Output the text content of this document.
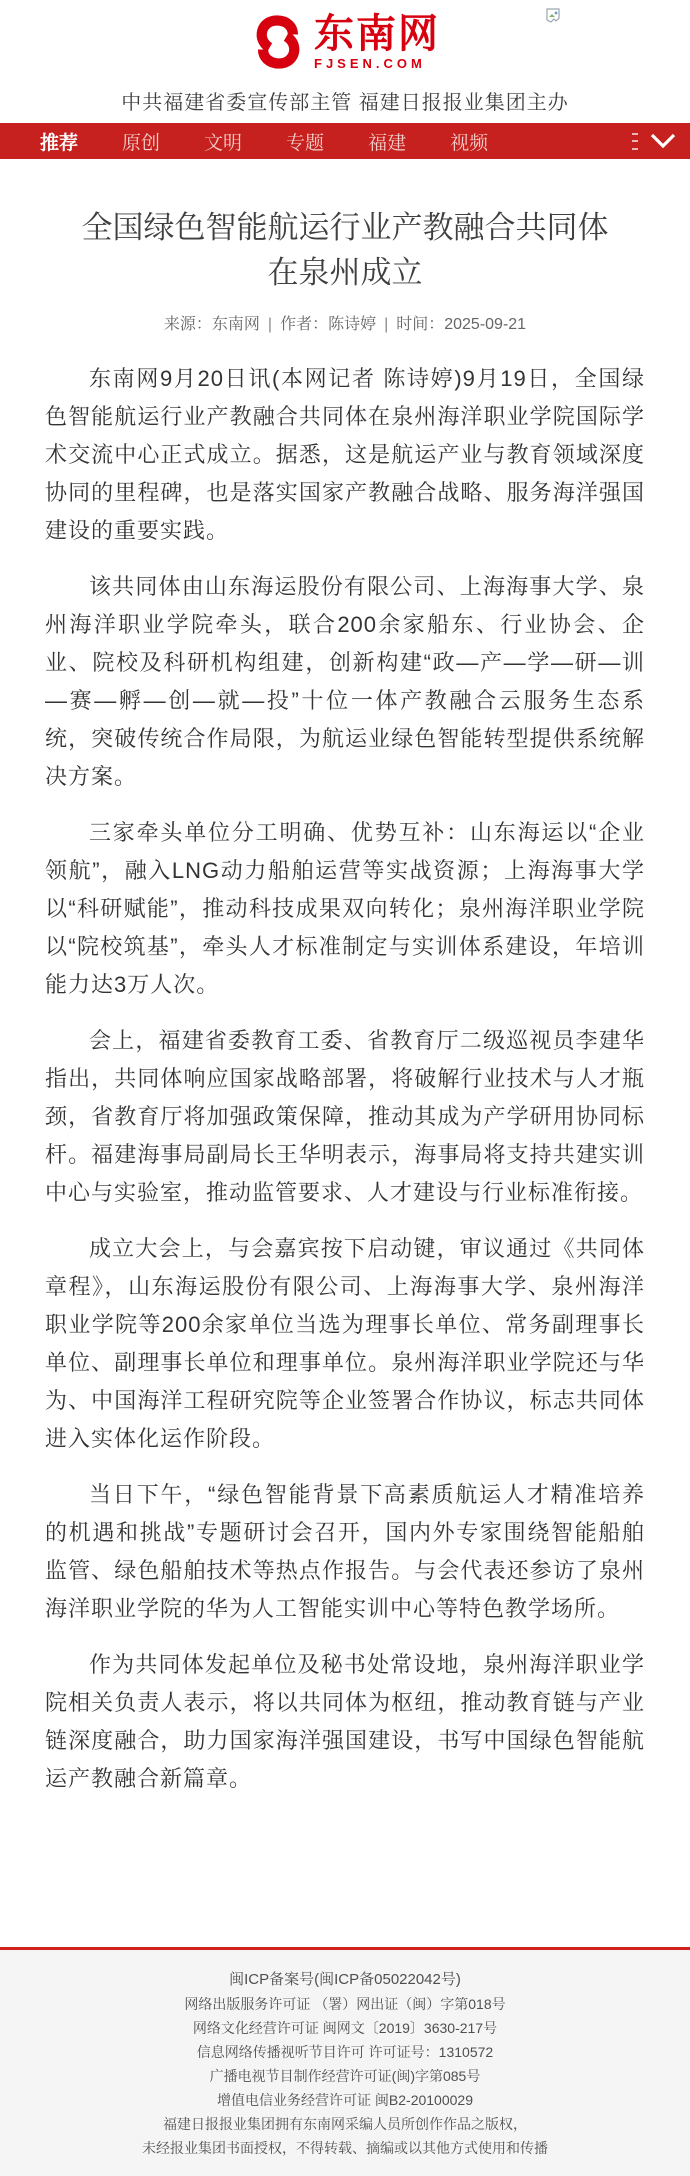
东南网
FJSEN.COM
中共福建省委宣传部主管 福建日报报业集团主办
推荐 原创 文明 专题 福建 视频
全国绿色智能航运行业产教融合共同体
在泉州成立
来源：东南网 | 作者：陈诗婷 | 时间：2025-09-21

东南网9月20日讯(本网记者 陈诗婷)9月19日，全国绿色智能航运行业产教融合共同体在泉州海洋职业学院国际学术交流中心正式成立。据悉，这是航运产业与教育领域深度协同的里程碑，也是落实国家产教融合战略、服务海洋强国建设的重要实践。

该共同体由山东海运股份有限公司、上海海事大学、泉州海洋职业学院牵头，联合200余家船东、行业协会、企业、院校及科研机构组建，创新构建“政—产—学—研—训—赛—孵—创—就—投”十位一体产教融合云服务生态系统，突破传统合作局限，为航运业绿色智能转型提供系统解决方案。

三家牵头单位分工明确、优势互补：山东海运以“企业领航”，融入LNG动力船舶运营等实战资源；上海海事大学以“科研赋能”，推动科技成果双向转化；泉州海洋职业学院以“院校筑基”，牵头人才标准制定与实训体系建设，年培训能力达3万人次。

会上，福建省委教育工委、省教育厅二级巡视员李建华指出，共同体响应国家战略部署，将破解行业技术与人才瓶颈，省教育厅将加强政策保障，推动其成为产学研用协同标杆。福建海事局副局长王华明表示，海事局将支持共建实训中心与实验室，推动监管要求、人才建设与行业标准衔接。

成立大会上，与会嘉宾按下启动键，审议通过《共同体章程》，山东海运股份有限公司、上海海事大学、泉州海洋职业学院等200余家单位当选为理事长单位、常务副理事长单位、副理事长单位和理事单位。泉州海洋职业学院还与华为、中国海洋工程研究院等企业签署合作协议，标志共同体进入实体化运作阶段。

当日下午，“绿色智能背景下高素质航运人才精准培养的机遇和挑战”专题研讨会召开，国内外专家围绕智能船舶监管、绿色船舶技术等热点作报告。与会代表还参访了泉州海洋职业学院的华为人工智能实训中心等特色教学场所。

作为共同体发起单位及秘书处常设地，泉州海洋职业学院相关负责人表示，将以共同体为枢纽，推动教育链与产业链深度融合，助力国家海洋强国建设，书写中国绿色智能航运产教融合新篇章。

闽ICP备案号(闽ICP备05022042号)

网络出版服务许可证 （署）网出证（闽）字第018号

网络文化经营许可证 闽网文〔2019〕3630-217号

信息网络传播视听节目许可 许可证号：1310572

广播电视节目制作经营许可证(闽)字第085号

增值电信业务经营许可证 闽B2-20100029

福建日报报业集团拥有东南网采编人员所创作作品之版权，

未经报业集团书面授权，不得转载、摘编或以其他方式使用和传播
